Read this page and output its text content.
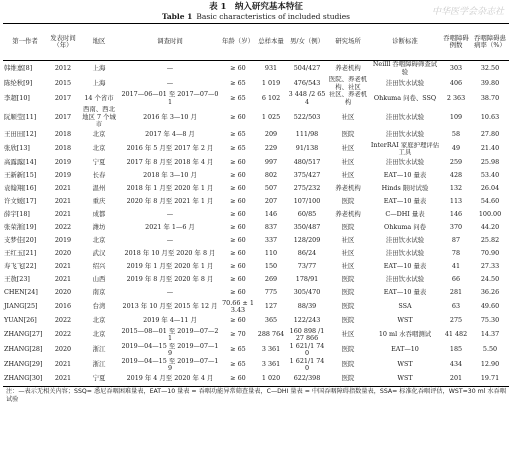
中华医学会杂志社
表 1　纳入研究基本特征
Table 1 Basic characteristics of included studies
第一作者	发表时间（年）	地区	调查时间	年龄（岁）	总样本量	男/女（例）	研究场所	诊断标准	吞咽障碍例数	吞咽障碍患病率（%）
韩维嘉[8]	2012	上海	—	≥ 60	931	504/427	养老机构	Neilll 吞咽障碍筛查试验	303	32.50
陈纶秋[9]	2015	上海	—	≥ 65	1 019	476/543	医院、养老机构、社区	洼田饮水试验	406	39.80
李超[10]	2017	14 个省市	2017—06—01 至 2017—07—01	≥ 65	6 102	3 448 /2 654	社区、养老机构	Ohkuma 问卷、SSQ	2 363	38.70
阮顺莹[11]	2017	西南、西北地区 7 个城市	2016 年 3—10 月	≥ 60	1 025	522/503	社区	洼田饮水试验	109	10.63
王田田[12]	2018	北京	2017 年 4—8 月	≥ 65	209	111/98	医院	洼田饮水试验	58	27.80
张欣[13]	2018	北京	2016 年 5 月至 2017 年 2 月	≥ 65	229	91/138	社区	InterRAI 家庭护理评估工具	49	21.40
高露露[14]	2019	宁夏	2017 年 8 月至 2018 年 4 月	≥ 60	997	480/517	社区	洼田饮水试验	259	25.98
王新新[15]	2019	长春	2018 年 3—10 月	≥ 60	802	375/427	社区	EAT—10 量表	428	53.40
袁翰翔[16]	2021	温州	2018 年 1 月至 2020 年 1 月	≥ 60	507	275/232	养老机构	Hinds 限时试验	132	26.04
许文媛[17]	2021	重庆	2020 年 8 月至 2021 年 1 月	≥ 60	207	107/100	医院	EAT—10 量表	113	54.60
薛宇[18]	2021	成都	—	≥ 60	146	60/85	养老机构	C—DHI 量表	146	100.00
张荣浙[19]	2022	潍坊	2021 年 1—6 月	≥ 60	837	350/487	医院	Ohkuma 问卷	370	44.20
支梦佳[20]	2019	北京	—	≥ 60	337	128/209	社区	洼田饮水试验	87	25.82
王红玉[21]	2020	武汉	2018 年 10 月至 2020 年 8 月	≥ 60	110	86/24	社区	洼田饮水试验	78	70.90
寿飞飞[22]	2021	绍兴	2019 年 1 月至 2020 年 1 月	≥ 60	150	73/77	社区	EAT—10 量表	41	27.33
王敖[23]	2021	山西	2019 年 8 月至 2020 年 8 月	≥ 60	269	178/91	医院	洼田饮水试验	66	24.50
CHEN[24]	2020	南京	—	≥ 60	775	305/470	医院	EAT—10 量表	281	36.26
JIANG[25]	2016	台湾	2013 年 10 月至 2015 年 12 月	70.66 ± 13.43	127	88/39	医院	SSA	63	49.60
YUAN[26]	2022	北京	2019 年 4—11 月	≥ 60	365	122/243	医院	WST	275	75.30
ZHANG[27]	2022	北京	2015—08—01 至 2019—07—21	≥ 70	288 764	160 898 /127 866	社区	10 ml 水吞咽测试	41 482	14.37
ZHANG[28]	2020	浙江	2019—04—15 至 2019—07—19	≥ 65	3 361	1 621/1 740	医院	EAT—10	185	5.50
ZHANG[29]	2021	浙江	2019—04—15 至 2019—07—19	≥ 65	3 361	1 621/1 740	医院	WST	434	12.90
ZHANG[30]	2021	宁夏	2019 年 4 月至 2020 年 4 月	≥ 60	1 020	622/398	医院	WST	201	19.71
注：—表示无相关内容；SSQ= 悉尼吞咽困难量表，EAT—10 量表 = 吞咽功能异常筛查量表，C—DHI 量表 = 中国吞咽障碍指数量表，SSA= 标准化吞咽评估，WST=30 ml 水吞咽试验
